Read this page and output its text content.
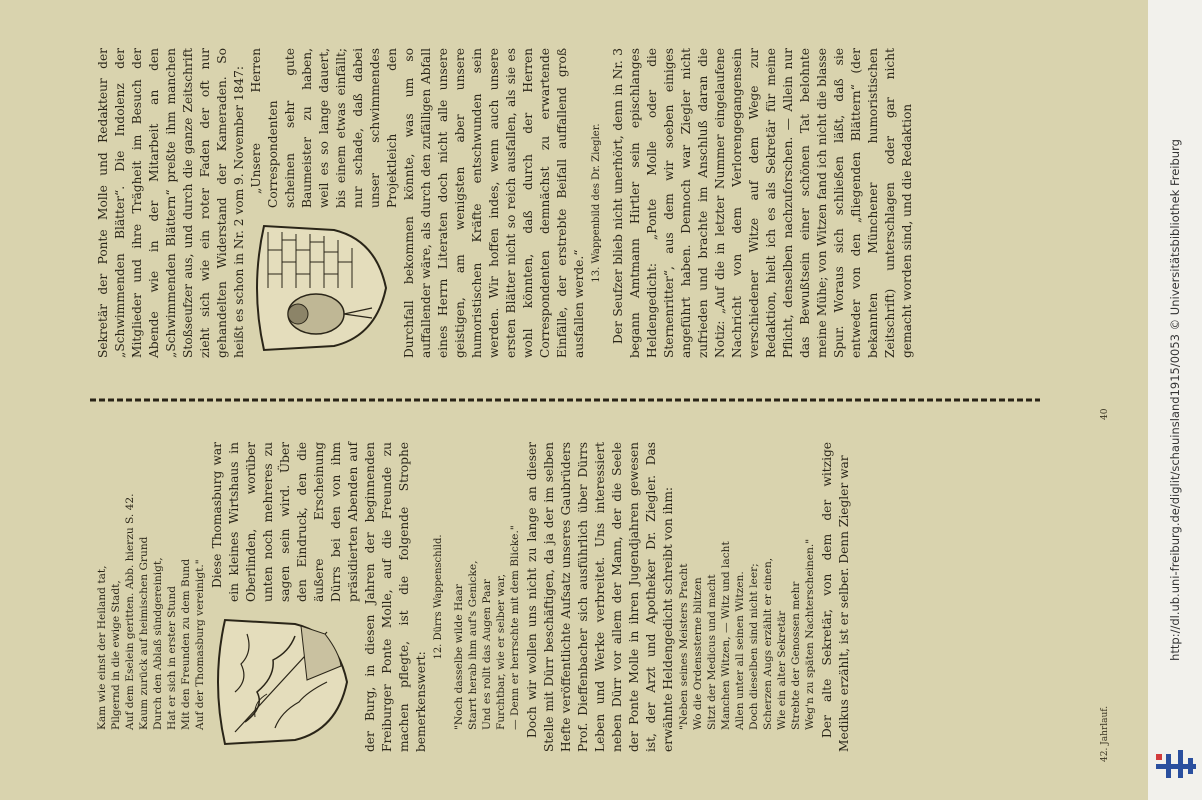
Kam wie einst der Heiland tat, Pilgernd in die ewige Stadt, Auf dem Eselein geritten. Abb. hierzu S. 42. Kaum zurück auf heimischen Grund Durch den Ablaß sündgereinigt, Hat er sich in erster Stund Mit den Freunden zu dem Bund Auf der Thomasburg vereinigt."

Diese Thomasburg war ein kleines Wirtshaus in Oberlinden, worüber unten noch mehreres zu sagen sein wird. Über den Eindruck, den die äußere Erscheinung Dürrs bei den von ihm präsidierten Abenden auf der Burg, in diesen Jahren der beginnenden Freiburger Ponte Molle, auf die Freunde zu machen pflegte, ist die folgende Strophe bemerkenswert:

12. Dürrs Wappenschild. "Noch dasselbe wilde Haar Starrt herab ihm auf's Genicke, Und es rollt das Augen Paar Furchtbar, wie er selber war, — Denn er herrschte mit dem Blicke." Doch wir wollen uns nicht zu lange an dieser Stelle mit Dürr beschäftigen, da ja der im selben Hefte veröffentlichte Aufsatz unseres Gaubrüders Prof. Dieffenbacher sich ausführlich über Dürrs Leben und Werke verbreitet. Uns interessiert neben Dürr vor allem der Mann, der die Seele der Ponte Molle in ihren Jugendjahren gewesen ist, der Arzt und Apotheker Dr. Ziegler. Das erwähnte Heldengedicht schreibt von ihm: "Neben seines Meisters Pracht Wo die Ordenssterne blitzen Sitzt der Medicus und macht Manchen Witzen, — Witz und lacht Allen unter all seinen Witzen. Doch dieselben sind nicht leer; Scherzen Augs erzählt er einen, Wie ein alter Sekretär Strebte der Genossen mehr Weg'n zu späten Nachterscheinen." Der alte Sekretär, von dem der witzige Medikus erzählt, ist er selber. Denn Ziegler war	42. Jahrlauf.
40

Sekretär der Ponte Molle und Redakteur der „Schwimmenden Blätter“. Die Indolenz der Mitglieder und ihre Trägheit im Besuch der Abende wie in der Mitarbeit an den „Schwimmenden Blättern“ preßte ihm manchen Stoßseufzer aus, und durch die ganze Zeitschrift zieht sich wie ein roter Faden der oft nur gehandelten Widerstand der Kameraden. So heißt es schon in Nr. 2 vom 9. November 1847: „Unsere Herren Correspondenten scheinen sehr gute Baumeister zu haben, weil es so lange dauert, bis einem etwas einfällt; nur schade, daß dabei unser schwimmendes Projektleich den Durchfall bekommen könnte, was um so auffallender wäre, als durch den zufälligen Abfall eines Herrn Literaten doch nicht alle unsere geistigen, am wenigsten aber unsere humoristischen Kräfte entschwunden sein werden. Wir hoffen indes, wenn auch unsere ersten Blätter nicht so reich ausfallen, als sie es wohl könnten, daß durch der Herren Correspondenten demnächst zu erwartende Einfälle, der erstrebte Beifall auffallend groß ausfallen werde.“

13. Wappenbild des Dr. Ziegler. Der Seufzer blieb nicht unerhört, denn in Nr. 3 begann Amtmann Hirtler sein epischlanges Heldengedicht: „Ponte Molle oder die Sternenritter“, aus dem wir soeben einiges angeführt haben. Dennoch war Ziegler nicht zufrieden und brachte im Anschluß daran die Notiz: „Auf die in letzter Nummer eingelaufene Nachricht von dem Verlorengegangensein verschiedener Witze auf dem Wege zur Redaktion, hielt ich es als Sekretär für meine Pflicht, denselben nachzuforschen. — Allein nur das Bewußtsein einer schönen Tat belohnte meine Mühe; von Witzen fand ich nicht die blasse Spur. Woraus sich schließen läßt, daß sie entweder von den „fliegenden Blättern“ (der bekannten Münchener humoristischen Zeitschrift) unterschlagen oder gar nicht gemacht worden sind, und die Redaktion

http://dl.ub.uni-freiburg.de/diglit/schauinsland1915/0053 © Universitätsbibliothek Freiburg
